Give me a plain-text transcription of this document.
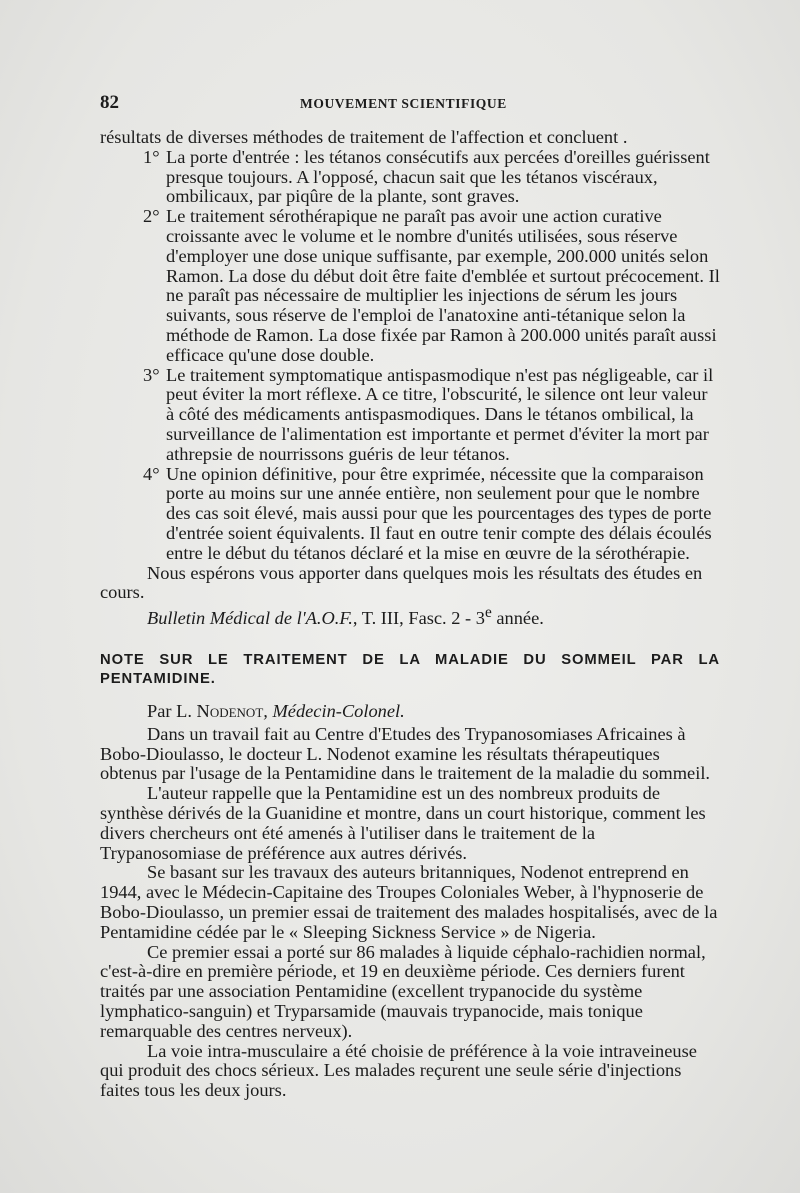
82	MOUVEMENT SCIENTIFIQUE

résultats de diverses méthodes de traitement de l'affection et concluent .

1° La porte d'entrée : les tétanos consécutifs aux percées d'oreilles guérissent presque toujours. A l'opposé, chacun sait que les tétanos viscéraux, ombilicaux, par piqûre de la plante, sont graves.

2° Le traitement sérothérapique ne paraît pas avoir une action curative croissante avec le volume et le nombre d'unités utilisées, sous réserve d'employer une dose unique suffisante, par exemple, 200.000 unités selon Ramon. La dose du début doit être faite d'emblée et surtout précocement. Il ne paraît pas nécessaire de multiplier les injections de sérum les jours suivants, sous réserve de l'emploi de l'anatoxine anti-tétanique selon la méthode de Ramon. La dose fixée par Ramon à 200.000 unités paraît aussi efficace qu'une dose double.

3° Le traitement symptomatique antispasmodique n'est pas négligeable, car il peut éviter la mort réflexe. A ce titre, l'obscurité, le silence ont leur valeur à côté des médicaments antispasmodiques. Dans le tétanos ombilical, la surveillance de l'alimentation est importante et permet d'éviter la mort par athrepsie de nourrissons guéris de leur tétanos.

4° Une opinion définitive, pour être exprimée, nécessite que la comparaison porte au moins sur une année entière, non seulement pour que le nombre des cas soit élevé, mais aussi pour que les pourcentages des types de porte d'entrée soient équivalents. Il faut en outre tenir compte des délais écoulés entre le début du tétanos déclaré et la mise en œuvre de la sérothérapie.

Nous espérons vous apporter dans quelques mois les résultats des études en cours.

Bulletin Médical de l'A.O.F., T. III, Fasc. 2 - 3e année.

NOTE SUR LE TRAITEMENT DE LA MALADIE DU SOMMEIL PAR LA PENTAMIDINE.

Par L. Nodenot, Médecin-Colonel.

Dans un travail fait au Centre d'Etudes des Trypanosomiases Africaines à Bobo-Dioulasso, le docteur L. Nodenot examine les résultats thérapeutiques obtenus par l'usage de la Pentamidine dans le traitement de la maladie du sommeil.

L'auteur rappelle que la Pentamidine est un des nombreux produits de synthèse dérivés de la Guanidine et montre, dans un court historique, comment les divers chercheurs ont été amenés à l'utiliser dans le traitement de la Trypanosomiase de préférence aux autres dérivés.

Se basant sur les travaux des auteurs britanniques, Nodenot entreprend en 1944, avec le Médecin-Capitaine des Troupes Coloniales Weber, à l'hypnoserie de Bobo-Dioulasso, un premier essai de traitement des malades hospitalisés, avec de la Pentamidine cédée par le « Sleeping Sickness Service » de Nigeria.

Ce premier essai a porté sur 86 malades à liquide céphalo-rachidien normal, c'est-à-dire en première période, et 19 en deuxième période. Ces derniers furent traités par une association Pentamidine (excellent trypanocide du système lymphatico-sanguin) et Tryparsamide (mauvais trypanocide, mais tonique remarquable des centres nerveux).

La voie intra-musculaire a été choisie de préférence à la voie intraveineuse qui produit des chocs sérieux. Les malades reçurent une seule série d'injections faites tous les deux jours.
